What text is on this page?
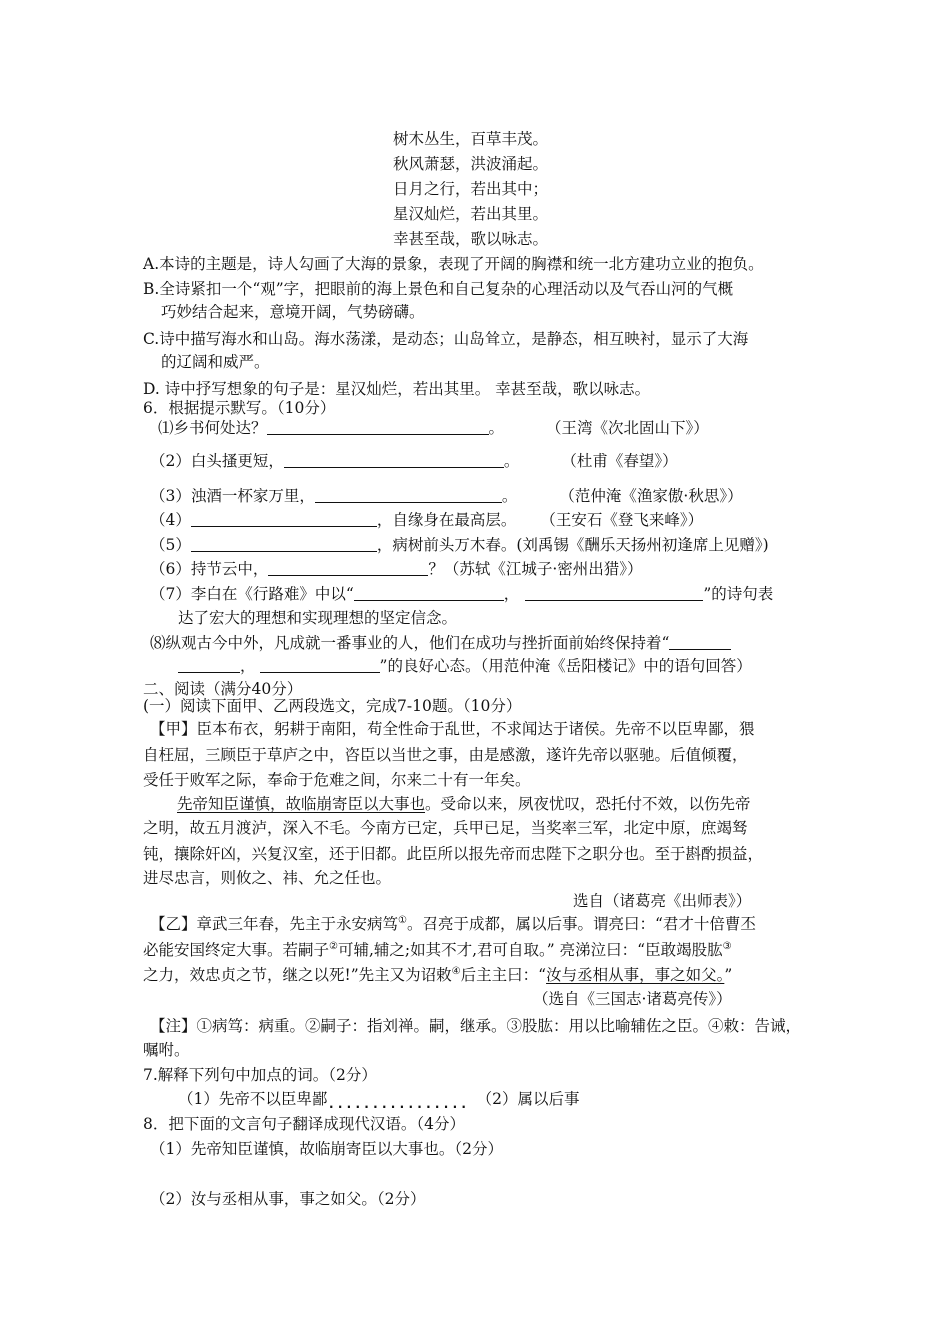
树木丛生，百草丰茂。
秋风萧瑟，洪波涌起。
日月之行，若出其中；
星汉灿烂，若出其里。
幸甚至哉，歌以咏志。
A.本诗的主题是，诗人勾画了大海的景象，表现了开阔的胸襟和统一北方建功立业的抱负。
B.全诗紧扣一个“观”字，把眼前的海上景色和自己复杂的心理活动以及气吞山河的气概
巧妙结合起来，意境开阔，气势磅礴。
C.诗中描写海水和山岛。海水荡漾，是动态；山岛耸立，是静态，相互映衬，显示了大海
的辽阔和威严。
D. 诗中抒写想象的句子是：星汉灿烂，若出其里。 幸甚至哉，歌以咏志。
6．根据提示默写。（10分）
⑴乡书何处达？	。	（王湾《次北固山下》）
（2）白头搔更短，	。	（杜甫《春望》）
（3）浊酒一杯家万里，	。	（范仲淹《渔家傲·秋思》）
（4）	，自缘身在最高层。 （王安石《登飞来峰》）
（5）	，病树前头万木春。(刘禹锡《酬乐天扬州初逢席上见赠》)
（6）持节云中，	？（苏轼《江城子·密州出猎》）
（7）李白在《行路难》中以“	，	”的诗句表
达了宏大的理想和实现理想的坚定信念。
⑻纵观古今中外，凡成就一番事业的人，他们在成功与挫折面前始终保持着“
，	”的良好心态。（用范仲淹《岳阳楼记》中的语句回答）
二、阅读（满分40分）
(一）阅读下面甲、乙两段选文，完成7-10题。（10分）
【甲】臣本布衣，躬耕于南阳，苟全性命于乱世，不求闻达于诸侯。先帝不以臣卑鄙，猥
自枉屈，三顾臣于草庐之中，咨臣以当世之事，由是感激，遂许先帝以驱驰。后值倾覆，
受任于败军之际，奉命于危难之间，尔来二十有一年矣。
先帝知臣谨慎，故临崩寄臣以大事也。受命以来，夙夜忧叹，恐托付不效，以伤先帝
之明，故五月渡泸，深入不毛。今南方已定，兵甲已足，当奖率三军，北定中原，庶竭驽
钝，攘除奸凶，兴复汉室，还于旧都。此臣所以报先帝而忠陛下之职分也。至于斟酌损益，
进尽忠言，则攸之、祎、允之任也。
选自（诸葛亮《出师表》）
【乙】章武三年春，先主于永安病笃①。召亮于成都，属以后事。谓亮曰：“君才十倍曹丕
必能安国终定大事。若嗣子②可辅,辅之;如其不才,君可自取。” 亮涕泣曰：“臣敢竭股肱③
之力，效忠贞之节，继之以死!”先主又为诏敕④后主主曰：“汝与丞相从事，事之如父。”
（选自《三国志·诸葛亮传》）
【注】①病笃：病重。②嗣子：指刘禅。嗣，继承。③股肱：用以比喻辅佐之臣。④敕：告诫，
嘱咐。
7.解释下列句中加点的词。（2分）
（1）先帝不以臣卑鄙................ （2）属以后事
8．把下面的文言句子翻译成现代汉语。（4分）
（1）先帝知臣谨慎，故临崩寄臣以大事也。（2分）
（2）汝与丞相从事，事之如父。（2分）
